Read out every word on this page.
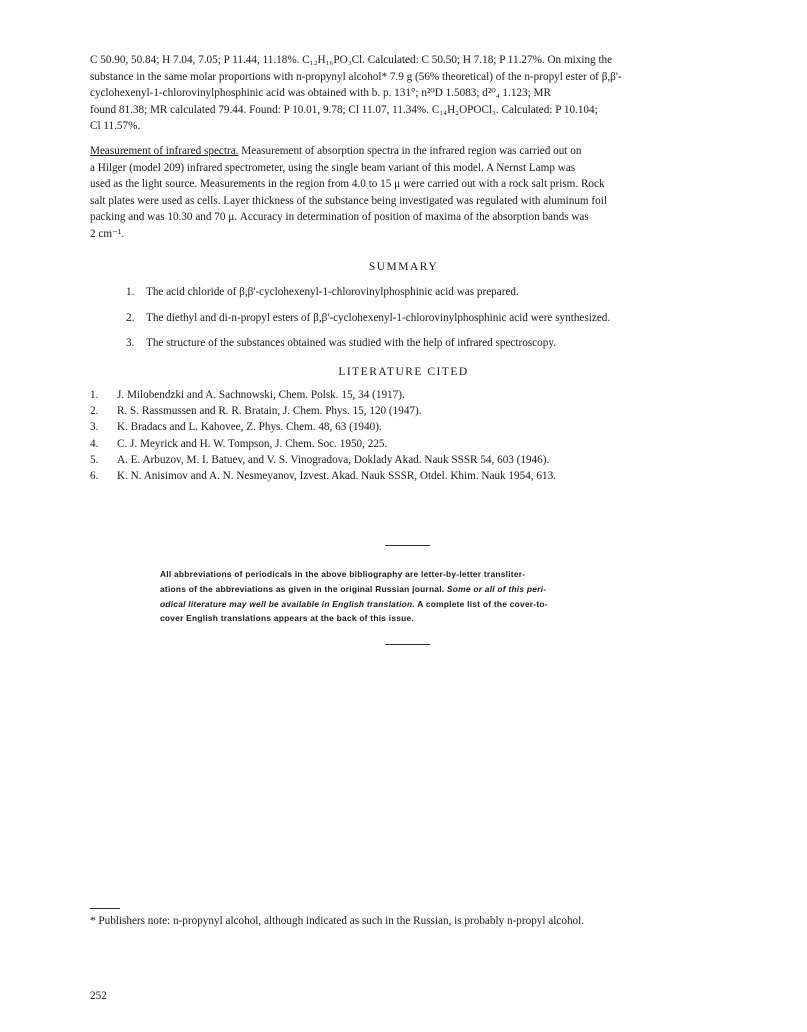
C 50.90, 50.84; H 7.04, 7.05; P 11.44, 11.18%. C₁₂H₁₆PO₃Cl. Calculated: C 50.50; H 7.18; P 11.27%. On mixing the
substance in the same molar proportions with n-propynyl alcohol* 7.9 g (56% theoretical) of the n-propyl ester of β,β'-
cyclohexenyl-1-chlorovinylphosphinic acid was obtained with b. p. 131°; n²⁰D 1.5083; d²⁰₄ 1.123; MR
found 81.38; MR calculated 79.44. Found: P 10.01, 9.78; Cl 11.07, 11.34%. C₁₄H₂OPOCl₃. Calculated: P 10.104;
Cl 11.57%.
Measurement of infrared spectra. Measurement of absorption spectra in the infrared region was carried out on
a Hilger (model 209) infrared spectrometer, using the single beam variant of this model. A Nernst Lamp was
used as the light source. Measurements in the region from 4.0 to 15 μ were carried out with a rock salt prism. Rock
salt plates were used as cells. Layer thickness of the substance being investigated was regulated with aluminum foil
packing and was 10.30 and 70 μ. Accuracy in determination of position of maxima of the absorption bands was
2 cm⁻¹.
SUMMARY
1.	The acid chloride of β,β'-cyclohexenyl-1-chlorovinylphosphinic acid was prepared.
2.	The diethyl and di-n-propyl esters of β,β'-cyclohexenyl-1-chlorovinylphosphinic acid were synthesized.
3.	The structure of the substances obtained was studied with the help of infrared spectroscopy.
LITERATURE CITED
1.	J. Milobendzki and A. Sachnowski, Chem. Polsk. 15, 34 (1917).
2.	R. S. Rassmussen and R. R. Bratain, J. Chem. Phys. 15, 120 (1947).
3.	K. Bradacs and L. Kahovee, Z. Phys. Chem. 48, 63 (1940).
4.	C. J. Meyrick and H. W. Tompson, J. Chem. Soc. 1950, 225.
5.	A. E. Arbuzov, M. I. Batuev, and V. S. Vinogradova, Doklady Akad. Nauk SSSR 54, 603 (1946).
6.	K. N. Anisimov and A. N. Nesmeyanov, Izvest. Akad. Nauk SSSR, Otdel. Khim. Nauk 1954, 613.
All abbreviations of periodicals in the above bibliography are letter-by-letter transliter-
ations of the abbreviations as given in the original Russian journal. Some or all of this peri-
odical literature may well be available in English translation. A complete list of the cover-to-
cover English translations appears at the back of this issue.
* Publishers note: n-propynyl alcohol, although indicated as such in the Russian, is probably n-propyl alcohol.
252
